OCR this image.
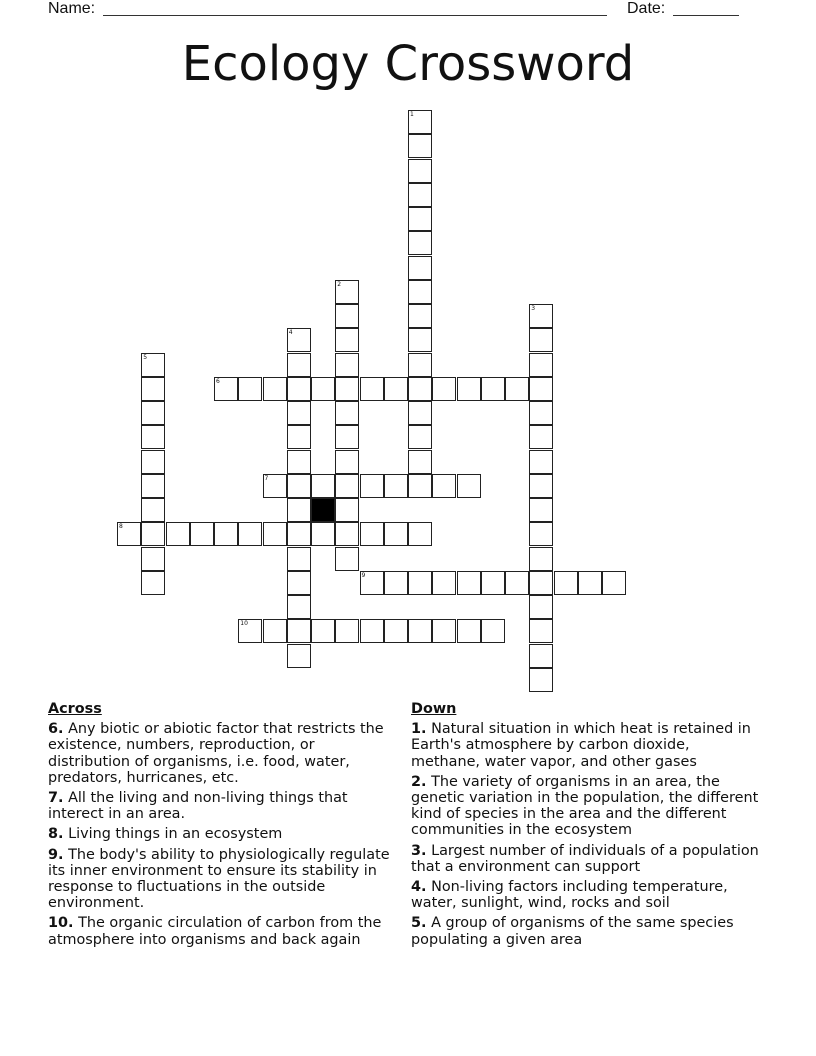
Name:	Date:
Ecology Crossword
1
2
3
4
5
6
7
8
9
10
Across
6. Any biotic or abiotic factor that restricts the existence, numbers, reproduction, or distribution of organisms, i.e. food, water, predators, hurricanes, etc.
7. All the living and non-living things that interect in an area.
8. Living things in an ecosystem
9. The body's ability to physiologically regulate its inner environment to ensure its stability in response to fluctuations in the outside environment.
10. The organic circulation of carbon from the atmosphere into organisms and back again
Down
1. Natural situation in which heat is retained in Earth's atmosphere by carbon dioxide, methane, water vapor, and other gases
2. The variety of organisms in an area, the genetic variation in the population, the different kind of species in the area and the different communities in the ecosystem
3. Largest number of individuals of a population that a environment can support
4. Non-living factors including temperature, water, sunlight, wind, rocks and soil
5. A group of organisms of the same species populating a given area
